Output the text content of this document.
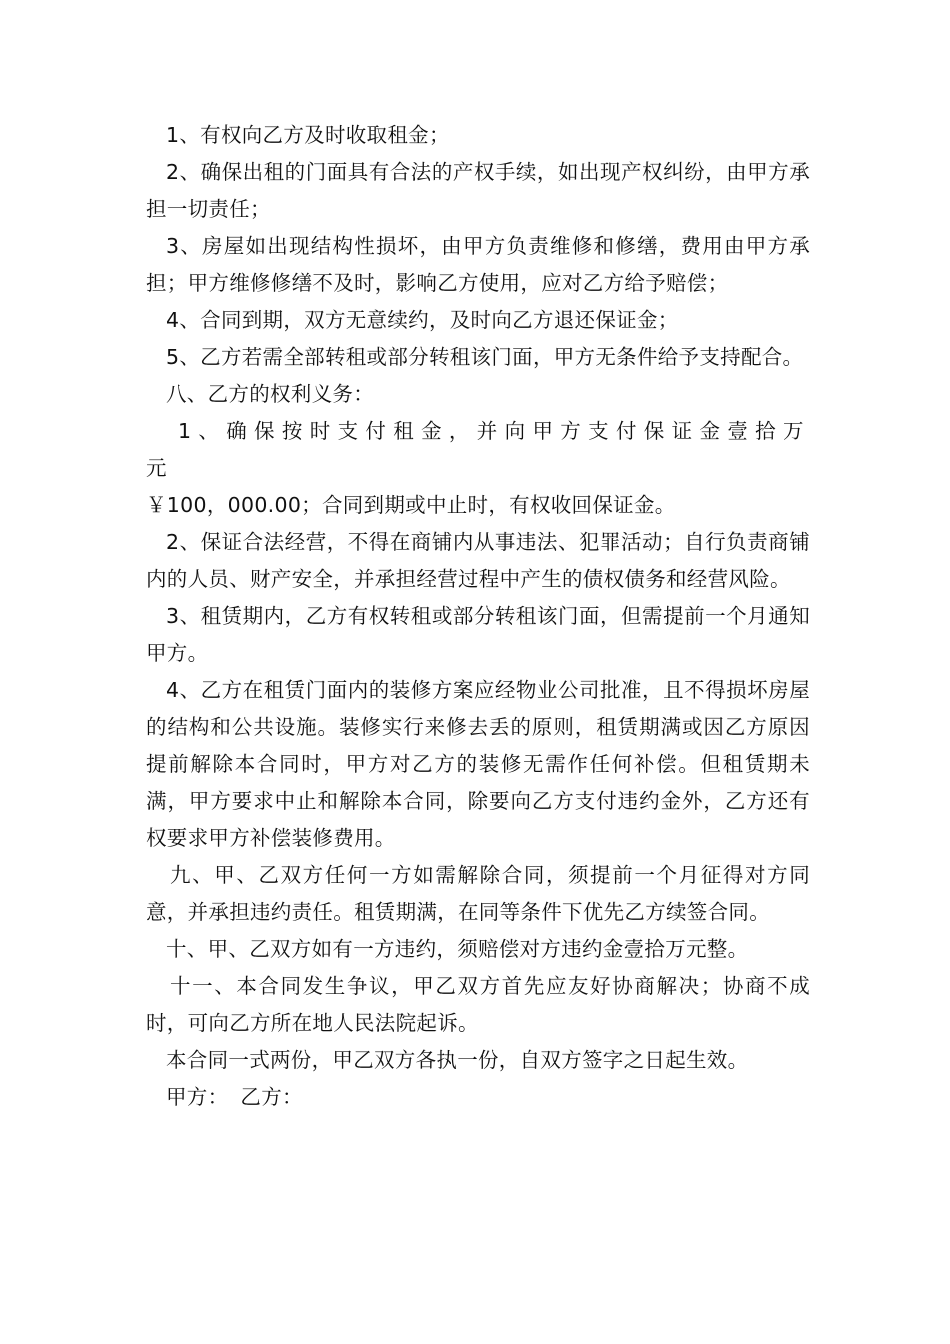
1、有权向乙方及时收取租金；

2、确保出租的门面具有合法的产权手续，如出现产权纠纷，由甲方承担一切责任；

3、房屋如出现结构性损坏，由甲方负责维修和修缮，费用由甲方承担；甲方维修修缮不及时，影响乙方使用，应对乙方给予赔偿；

4、合同到期，双方无意续约，及时向乙方退还保证金；

5、乙方若需全部转租或部分转租该门面，甲方无条件给予支持配合。

八、乙方的权利义务：

1、确保按时支付租金，并向甲方支付保证金壹拾万元

￥100，000.00；合同到期或中止时，有权收回保证金。

2、保证合法经营，不得在商铺内从事违法、犯罪活动；自行负责商铺内的人员、财产安全，并承担经营过程中产生的债权债务和经营风险。

3、租赁期内，乙方有权转租或部分转租该门面，但需提前一个月通知甲方。

4、乙方在租赁门面内的装修方案应经物业公司批准，且不得损坏房屋的结构和公共设施。装修实行来修去丢的原则，租赁期满或因乙方原因提前解除本合同时，甲方对乙方的装修无需作任何补偿。但租赁期未满，甲方要求中止和解除本合同，除要向乙方支付违约金外，乙方还有权要求甲方补偿装修费用。

九、甲、乙双方任何一方如需解除合同，须提前一个月征得对方同意，并承担违约责任。租赁期满，在同等条件下优先乙方续签合同。

十、甲、乙双方如有一方违约，须赔偿对方违约金壹拾万元整。

十一、本合同发生争议，甲乙双方首先应友好协商解决；协商不成时，可向乙方所在地人民法院起诉。

本合同一式两份，甲乙双方各执一份，自双方签字之日起生效。

甲方： 乙方：
